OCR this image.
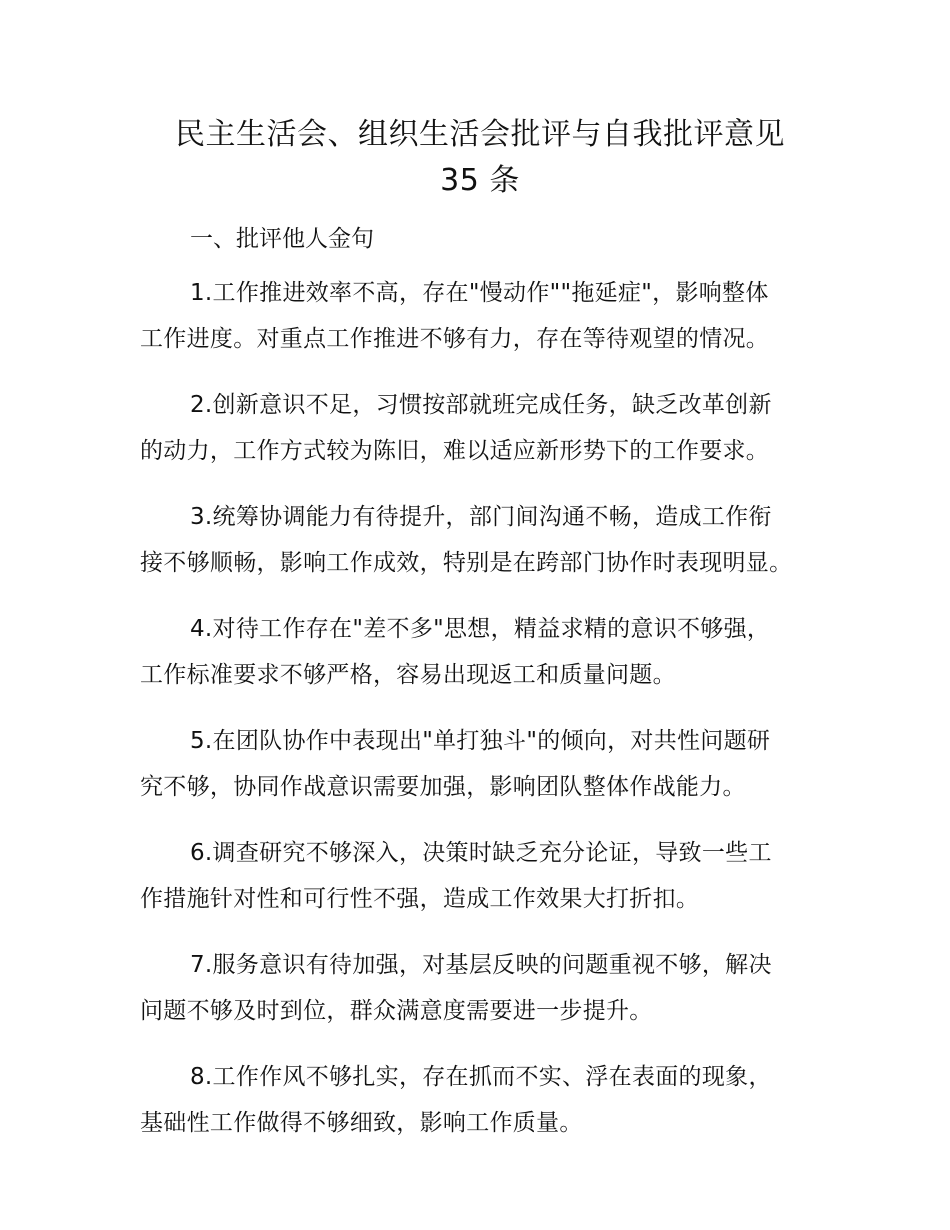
民主生活会、组织生活会批评与自我批评意见
35 条

一、批评他人金句

1.工作推进效率不高，存在"慢动作""拖延症"，影响整体
工作进度。对重点工作推进不够有力，存在等待观望的情况。
2.创新意识不足，习惯按部就班完成任务，缺乏改革创新
的动力，工作方式较为陈旧，难以适应新形势下的工作要求。
3.统筹协调能力有待提升，部门间沟通不畅，造成工作衔
接不够顺畅，影响工作成效，特别是在跨部门协作时表现明显。
4.对待工作存在"差不多"思想，精益求精的意识不够强，
工作标准要求不够严格，容易出现返工和质量问题。
5.在团队协作中表现出"单打独斗"的倾向，对共性问题研
究不够，协同作战意识需要加强，影响团队整体作战能力。
6.调查研究不够深入，决策时缺乏充分论证，导致一些工
作措施针对性和可行性不强，造成工作效果大打折扣。
7.服务意识有待加强，对基层反映的问题重视不够，解决
问题不够及时到位，群众满意度需要进一步提升。
8.工作作风不够扎实，存在抓而不实、浮在表面的现象，
基础性工作做得不够细致，影响工作质量。
